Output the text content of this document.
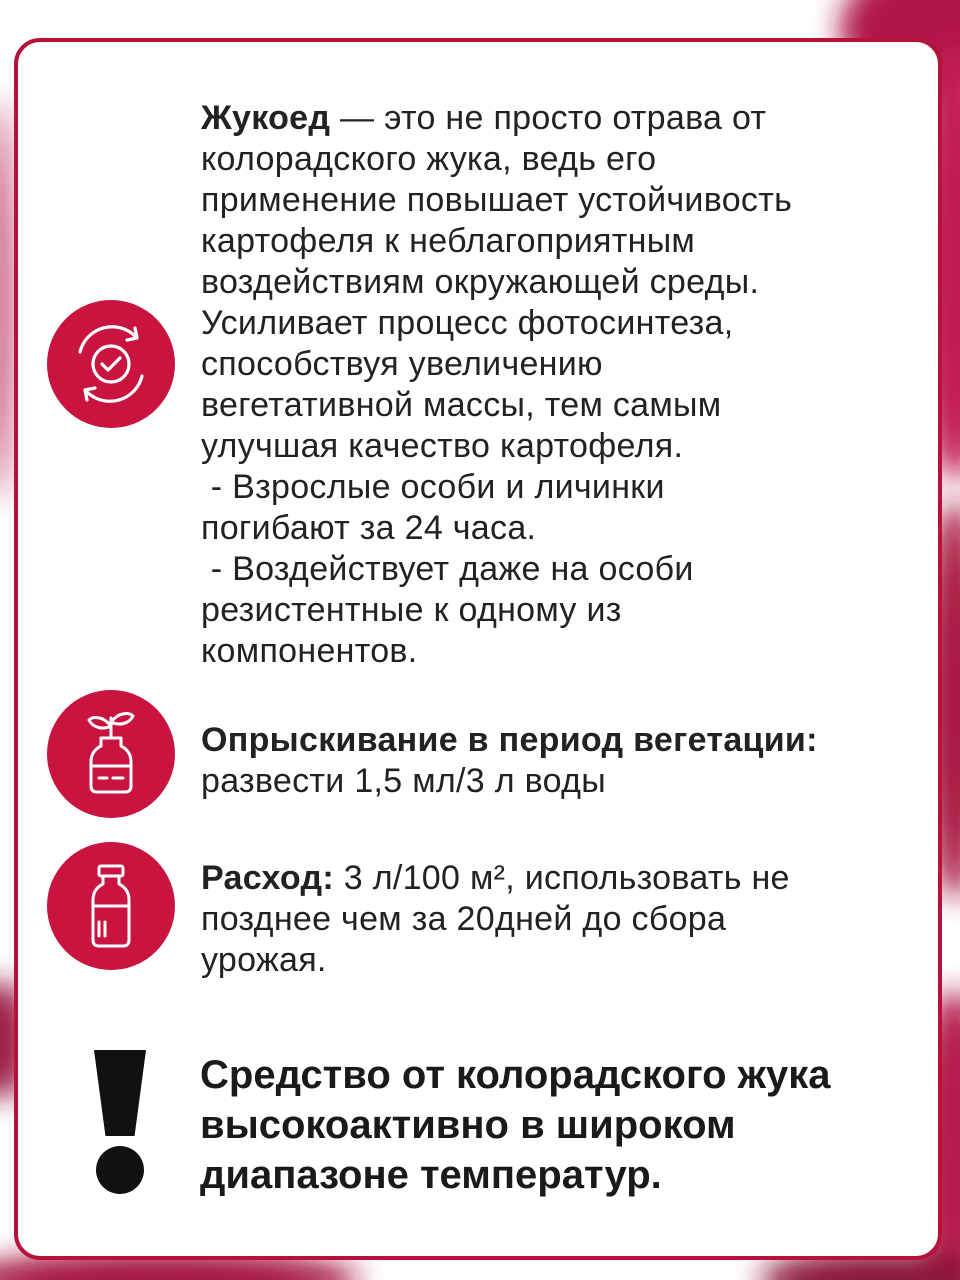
Жукоед — это не просто отрава от
колорадского жука, ведь его
применение повышает устойчивость
картофеля к неблагоприятным
воздействиям окружающей среды.
Усиливает процесс фотосинтеза,
способствуя увеличению
вегетативной массы, тем самым
улучшая качество картофеля.
- Взрослые особи и личинки
погибают за 24 часа.
- Воздействует даже на особи
резистентные к одному из
компонентов.
Опрыскивание в период вегетации:
развести 1,5 мл/3 л воды
Расход: 3 л/100 м², использовать не
позднее чем за 20дней до сбора
урожая.
Средство от колорадского жука
высокоактивно в широком
диапазоне температур.
